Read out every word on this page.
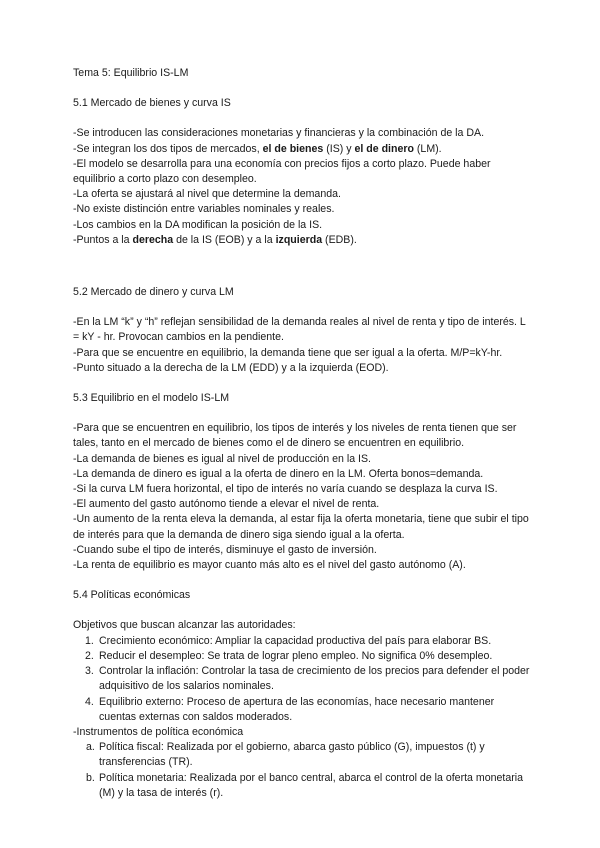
Tema 5: Equilibrio IS-LM

5.1 Mercado de bienes y curva IS

-Se introducen las consideraciones monetarias y financieras y la combinación de la DA.

-Se integran los dos tipos de mercados, el de bienes (IS) y el de dinero (LM).

-El modelo se desarrolla para una economía con precios fijos a corto plazo. Puede haber equilibrio a corto plazo con desempleo.

-La oferta se ajustará al nivel que determine la demanda.

-No existe distinción entre variables nominales y reales.

-Los cambios en la DA modifican la posición de la IS.

-Puntos a la derecha de la IS (EOB) y a la izquierda (EDB).

5.2 Mercado de dinero y curva LM

-En la LM “k” y “h” reflejan sensibilidad de la demanda reales al nivel de renta y tipo de interés. L = kY - hr. Provocan cambios en la pendiente.

-Para que se encuentre en equilibrio, la demanda tiene que ser igual a la oferta. M/P=kY-hr.

-Punto situado a la derecha de la LM (EDD) y a la izquierda (EOD).

5.3 Equilibrio en el modelo IS-LM

-Para que se encuentren en equilibrio, los tipos de interés y los niveles de renta tienen que ser tales, tanto en el mercado de bienes como el de dinero se encuentren en equilibrio.

-La demanda de bienes es igual al nivel de producción en la IS.

-La demanda de dinero es igual a la oferta de dinero en la LM. Oferta bonos=demanda.

-Si la curva LM fuera horizontal, el tipo de interés no varía cuando se desplaza la curva IS.

-El aumento del gasto autónomo tiende a elevar el nivel de renta.

-Un aumento de la renta eleva la demanda, al estar fija la oferta monetaria, tiene que subir el tipo de interés para que la demanda de dinero siga siendo igual a la oferta.

-Cuando sube el tipo de interés, disminuye el gasto de inversión.

-La renta de equilibrio es mayor cuanto más alto es el nivel del gasto autónomo (A).

5.4 Políticas económicas

Objetivos que buscan alcanzar las autoridades:

1. Crecimiento económico: Ampliar la capacidad productiva del país para elaborar BS.
2. Reducir el desempleo: Se trata de lograr pleno empleo. No significa 0% desempleo.
3. Controlar la inflación: Controlar la tasa de crecimiento de los precios para defender el poder adquisitivo de los salarios nominales.
4. Equilibrio externo: Proceso de apertura de las economías, hace necesario mantener cuentas externas con saldos moderados.

-Instrumentos de política económica

a. Política fiscal: Realizada por el gobierno, abarca gasto público (G), impuestos (t) y transferencias (TR).
b. Política monetaria: Realizada por el banco central, abarca el control de la oferta monetaria (M) y la tasa de interés (r).
